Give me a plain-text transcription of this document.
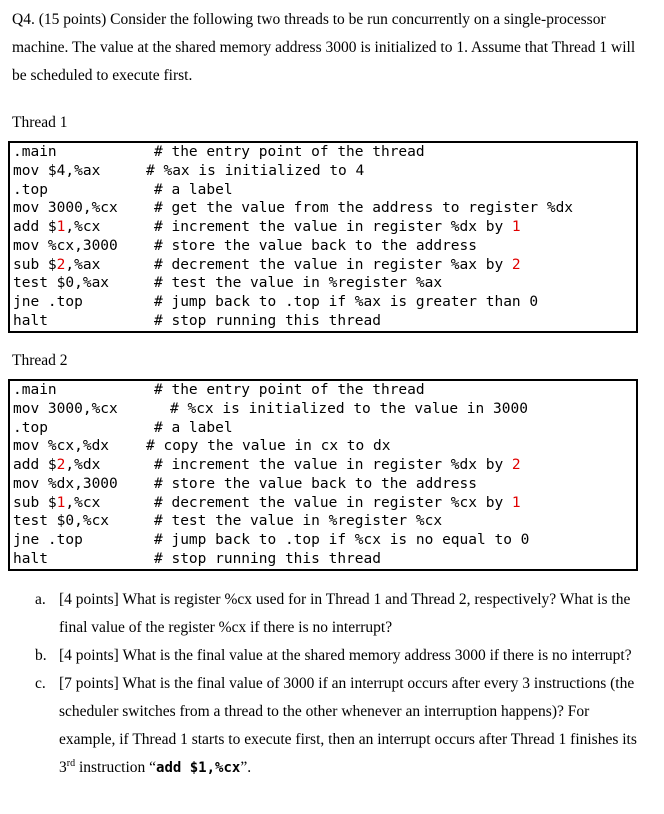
Q4. (15 points) Consider the following two threads to be run concurrently on a single-processor machine. The value at the shared memory address 3000 is initialized to 1. Assume that Thread 1 will be scheduled to execute first.
Thread 1
.main	# the entry point of the thread
mov $4,%ax	# %ax is initialized to 4
.top	# a label
mov 3000,%cx # get the value from the address to register %dx
add $1,%cx	# increment the value in register %dx by 1
mov %cx,3000 # store the value back to the address
sub $2,%ax	# decrement the value in register %ax by 2
test $0,%ax	# test the value in %register %ax
jne .top	# jump back to .top if %ax is greater than 0
halt	# stop running this thread
Thread 2
.main	# the entry point of the thread
mov 3000,%cx	# %cx is initialized to the value in 3000
.top	# a label
mov %cx,%dx	# copy the value in cx to dx
add $2,%dx	# increment the value in register %dx by 2
mov %dx,3000 # store the value back to the address
sub $1,%cx	# decrement the value in register %cx by 1
test $0,%cx	# test the value in %register %cx
jne .top	# jump back to .top if %cx is no equal to 0
halt	# stop running this thread
a. [4 points] What is register %cx used for in Thread 1 and Thread 2, respectively? What is the final value of the register %cx if there is no interrupt?
b. [4 points] What is the final value at the shared memory address 3000 if there is no interrupt?
c. [7 points] What is the final value of 3000 if an interrupt occurs after every 3 instructions (the scheduler switches from a thread to the other whenever an interruption happens)? For example, if Thread 1 starts to execute first, then an interrupt occurs after Thread 1 finishes its 3rd instruction “add $1,%cx”.
